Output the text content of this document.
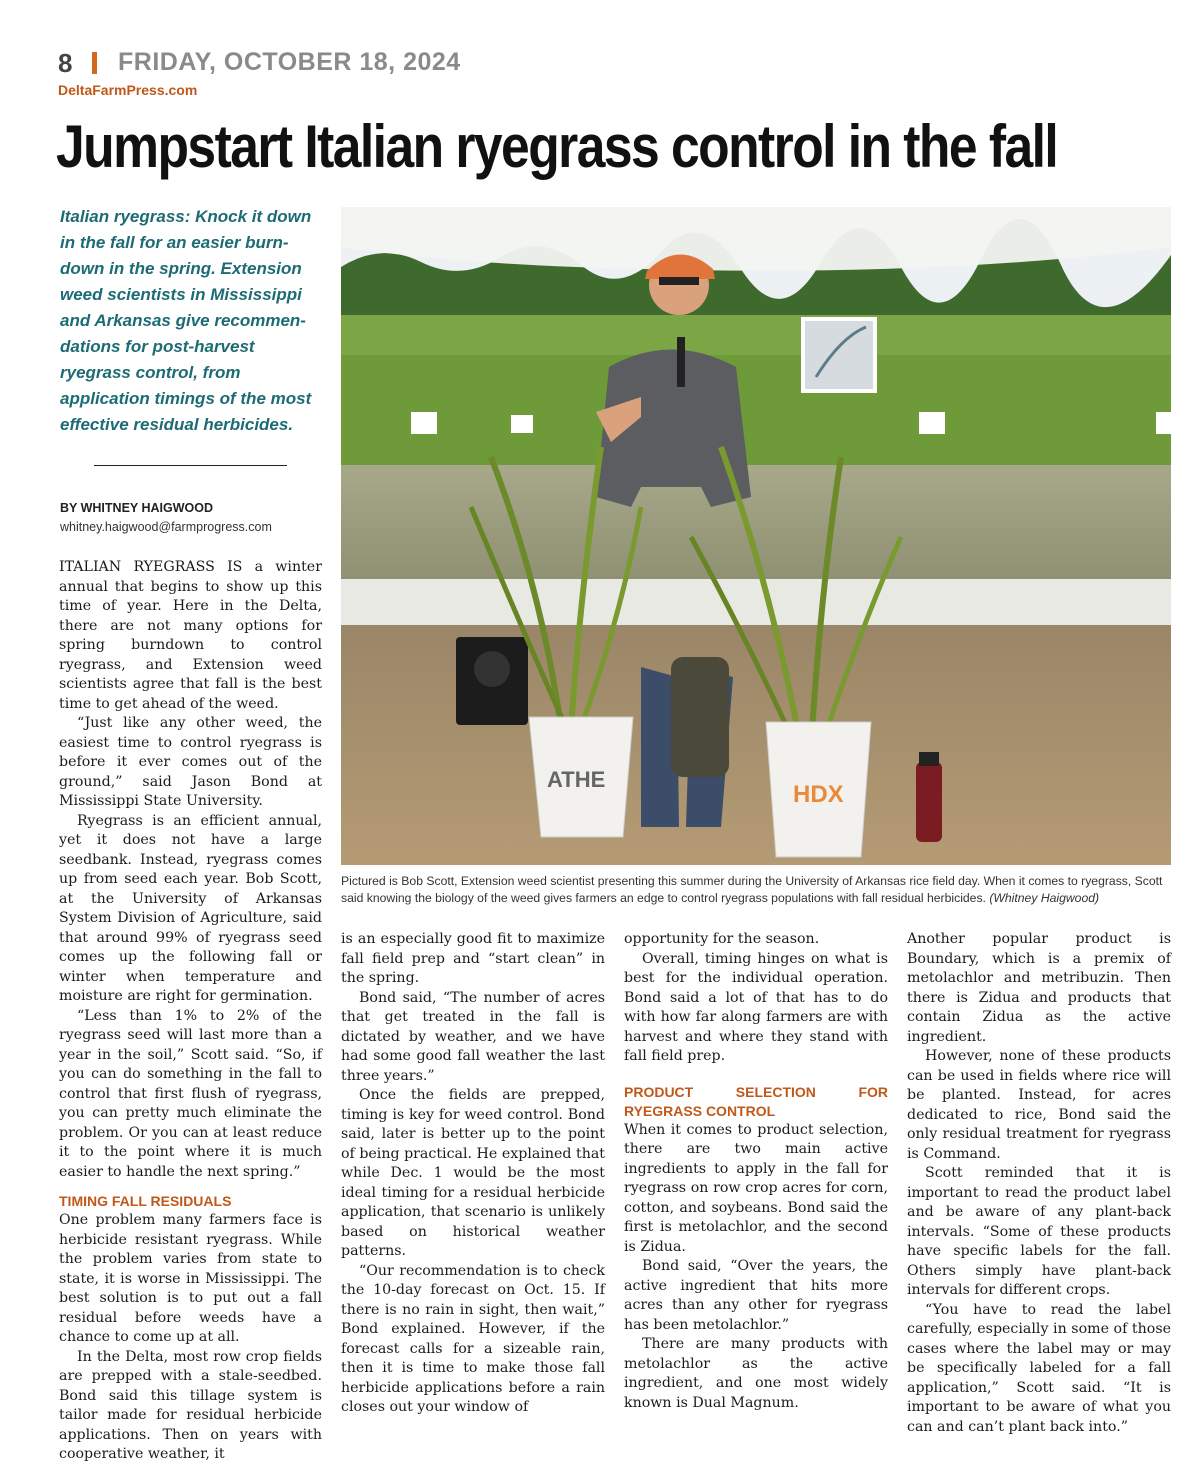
8 FRIDAY, OCTOBER 18, 2024
DeltaFarmPress.com
Jumpstart Italian ryegrass control in the fall
Italian ryegrass: Knock it down in the fall for an easier burn-down in the spring. Extension weed scientists in Mississippi and Arkansas give recommen-dations for post-harvest ryegrass control, from application timings of the most effective residual herbicides.
BY WHITNEY HAIGWOOD
whitney.haigwood@farmprogress.com
ATHE
HDX
Pictured is Bob Scott, Extension weed scientist presenting this summer during the University of Arkansas rice field day. When it comes to ryegrass, Scott said knowing the biology of the weed gives farmers an edge to control ryegrass populations with fall residual herbicides. (Whitney Haigwood)

ITALIAN RYEGRASS IS a winter annual that begins to show up this time of year. Here in the Delta, there are not many options for spring burndown to control ryegrass, and Extension weed scientists agree that fall is the best time to get ahead of the weed.

“Just like any other weed, the easiest time to control ryegrass is before it ever comes out of the ground,” said Jason Bond at Mississippi State University.

Ryegrass is an efficient annual, yet it does not have a large seedbank. Instead, ryegrass comes up from seed each year. Bob Scott, at the University of Arkansas System Division of Agriculture, said that around 99% of ryegrass seed comes up the following fall or winter when temperature and moisture are right for germination.

“Less than 1% to 2% of the ryegrass seed will last more than a year in the soil,” Scott said. “So, if you can do something in the fall to control that first flush of ryegrass, you can pretty much eliminate the problem. Or you can at least reduce it to the point where it is much easier to handle the next spring.”

TIMING FALL RESIDUALS

One problem many farmers face is herbicide resistant ryegrass. While the problem varies from state to state, it is worse in Mississippi. The best solution is to put out a fall residual before weeds have a chance to come up at all.

In the Delta, most row crop fields are prepped with a stale-seedbed. Bond said this tillage system is tailor made for residual herbicide applications. Then on years with cooperative weather, it

is an especially good fit to maximize fall field prep and “start clean” in the spring.

Bond said, “The number of acres that get treated in the fall is dictated by weather, and we have had some good fall weather the last three years.”

Once the fields are prepped, timing is key for weed control. Bond said, later is better up to the point of being practical. He explained that while Dec. 1 would be the most ideal timing for a residual herbicide application, that scenario is unlikely based on historical weather patterns.

“Our recommendation is to check the 10-day forecast on Oct. 15. If there is no rain in sight, then wait,” Bond explained. However, if the forecast calls for a sizeable rain, then it is time to make those fall herbicide applications before a rain closes out your window of

opportunity for the season.

Overall, timing hinges on what is best for the individual operation. Bond said a lot of that has to do with how far along farmers are with harvest and where they stand with fall field prep.

PRODUCT SELECTION FOR RYEGRASS CONTROL

When it comes to product selection, there are two main active ingredients to apply in the fall for ryegrass on row crop acres for corn, cotton, and soybeans. Bond said the first is metolachlor, and the second is Zidua.

Bond said, “Over the years, the active ingredient that hits more acres than any other for ryegrass has been metolachlor.”

There are many products with metolachlor as the active ingredient, and one most widely known is Dual Magnum.

Another popular product is Boundary, which is a premix of metolachlor and metribuzin. Then there is Zidua and products that contain Zidua as the active ingredient.

However, none of these products can be used in fields where rice will be planted. Instead, for acres dedicated to rice, Bond said the only residual treatment for ryegrass is Command.

Scott reminded that it is important to read the product label and be aware of any plant-back intervals. “Some of these products have specific labels for the fall. Others simply have plant-back intervals for different crops.

“You have to read the label carefully, especially in some of those cases where the label may or may be specifically labeled for a fall application,” Scott said. “It is important to be aware of what you can and can’t plant back into.”
